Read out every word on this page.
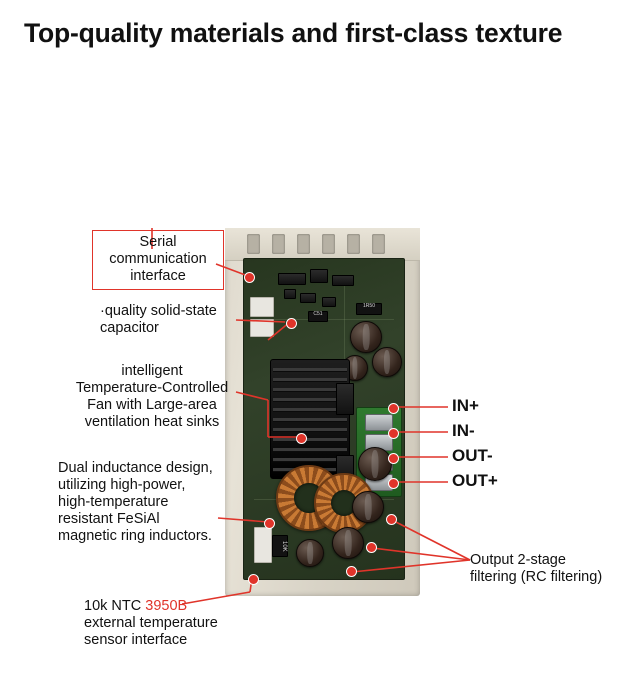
Top-quality materials and first-class texture
1R50
C51
10K
Serial
communication
interface
·quality solid-state
capacitor
intelligent
Temperature-Controlled
Fan with Large-area
ventilation heat sinks
Dual inductance design,
utilizing high-power,
high-temperature
resistant FeSiAl
magnetic ring inductors.
10k NTC 3950B
external temperature
sensor interface
Output 2-stage
filtering (RC filtering)
IN+
IN-
OUT-
OUT+
